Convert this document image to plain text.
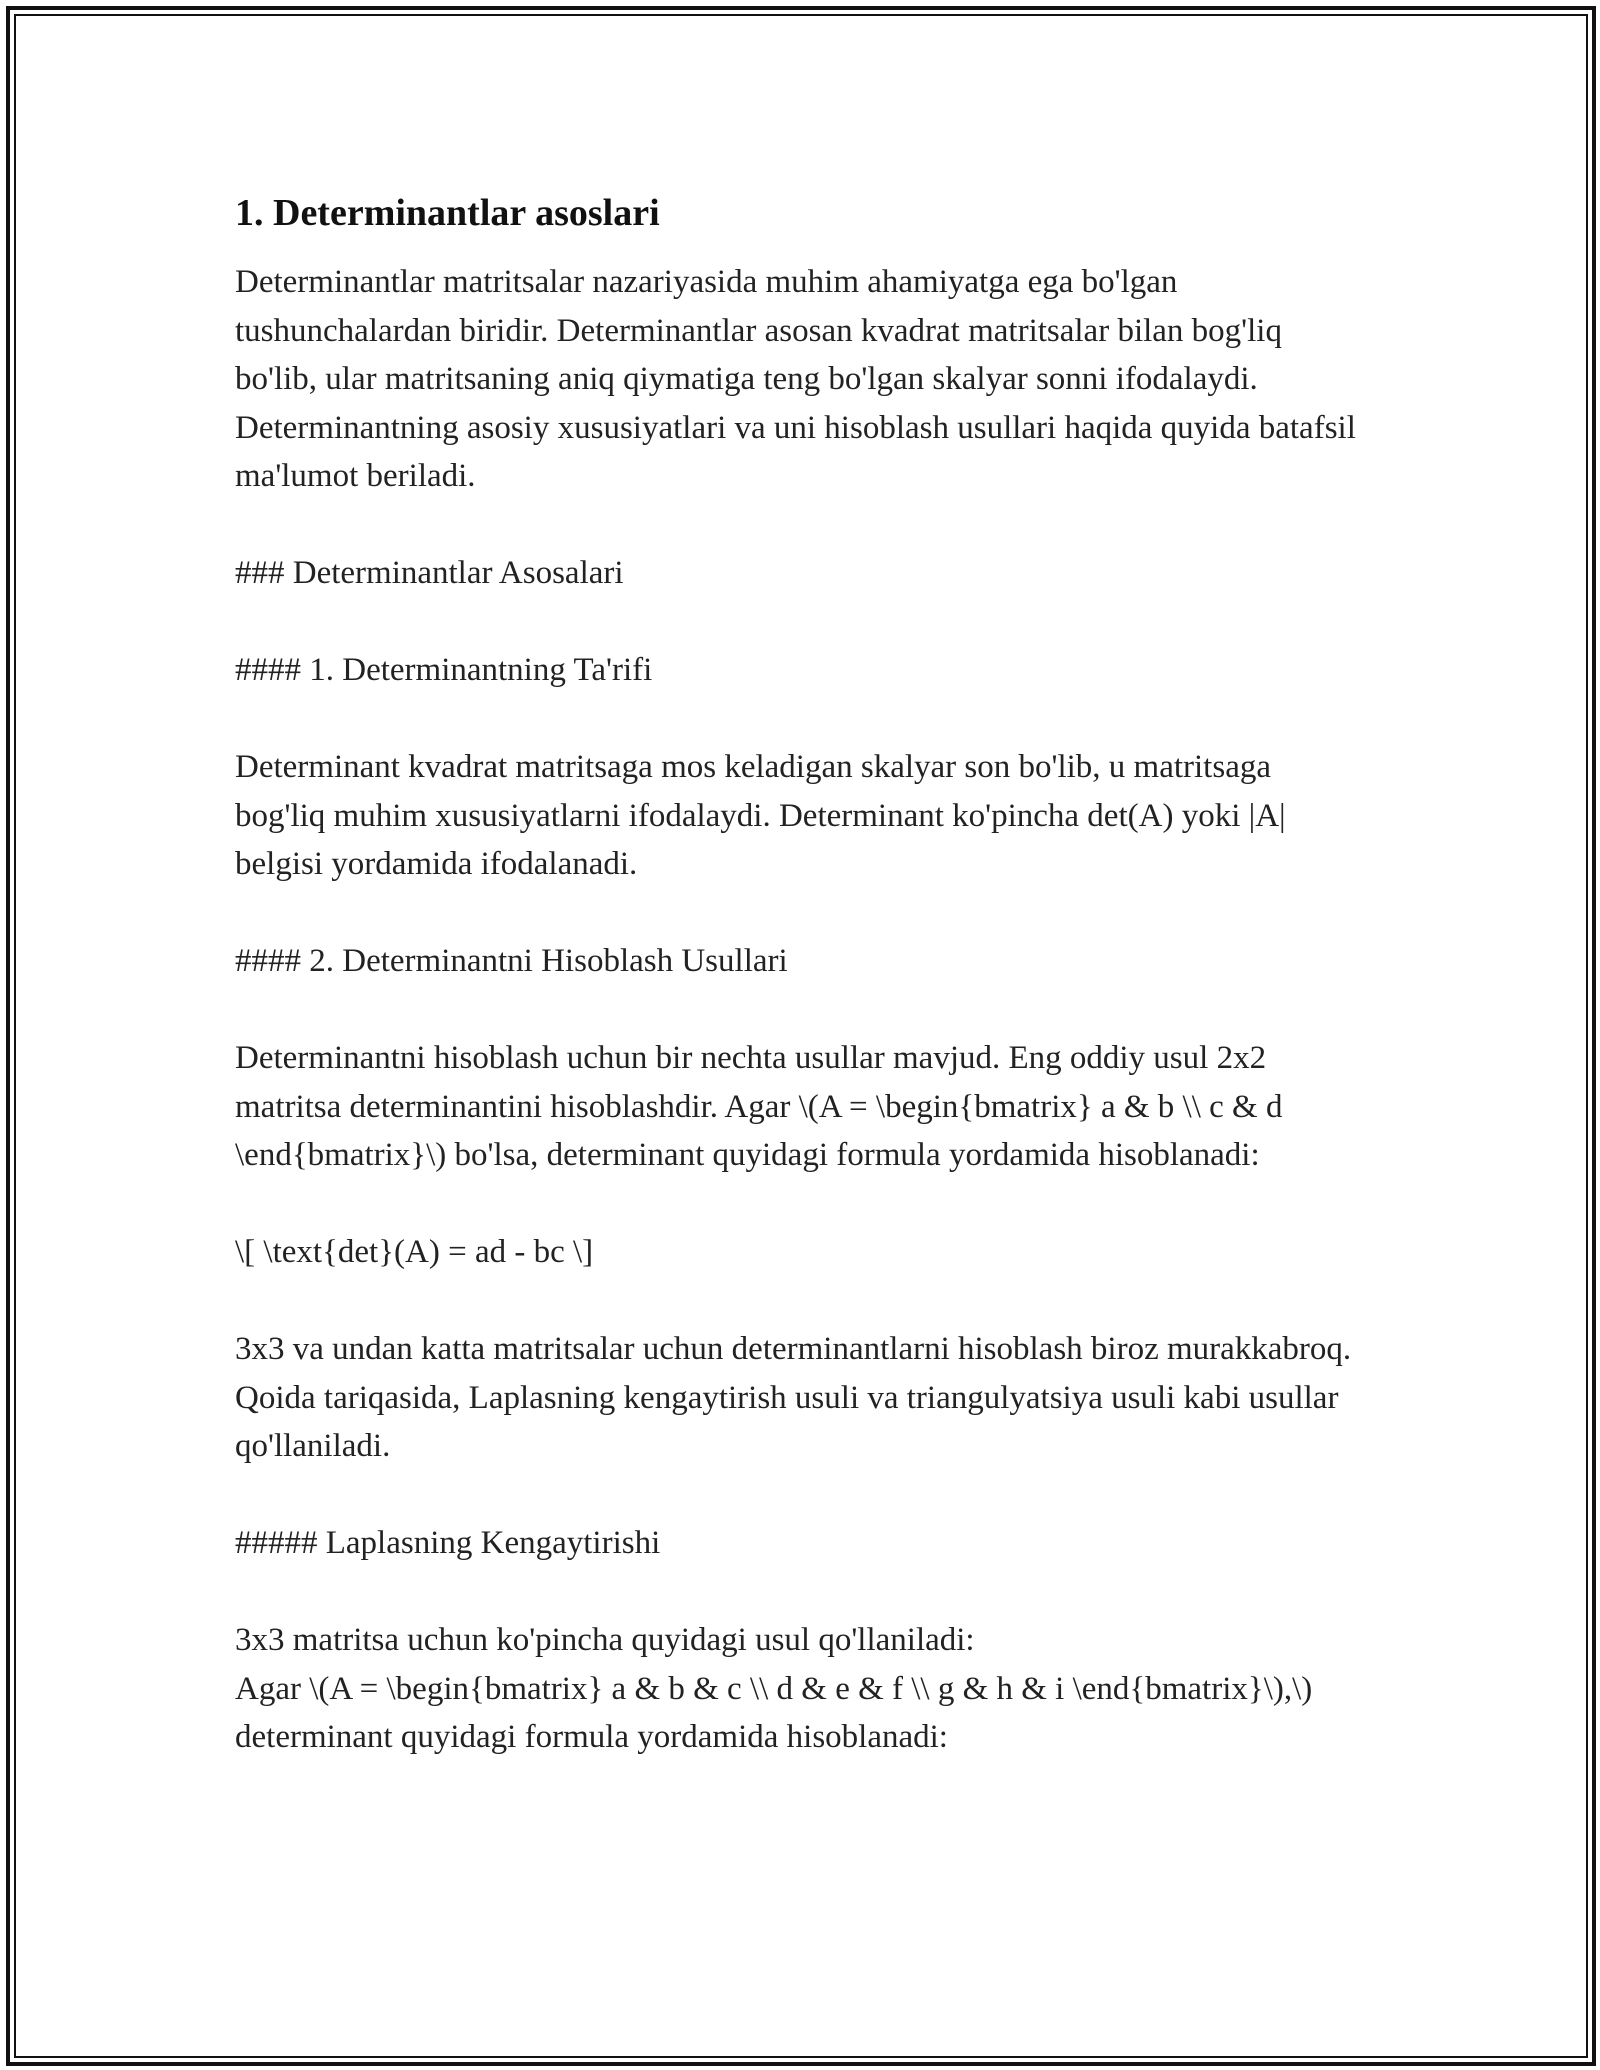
1. Determinantlar asoslari

Determinantlar matritsalar nazariyasida muhim ahamiyatga ega bo'lgan tushunchalardan biridir. Determinantlar asosan kvadrat matritsalar bilan bog'liq bo'lib, ular matritsaning aniq qiymatiga teng bo'lgan skalyar sonni ifodalaydi. Determinantning asosiy xususiyatlari va uni hisoblash usullari haqida quyida batafsil ma'lumot beriladi.

### Determinantlar Asosalari

#### 1. Determinantning Ta'rifi

Determinant kvadrat matritsaga mos keladigan skalyar son bo'lib, u matritsaga bog'liq muhim xususiyatlarni ifodalaydi. Determinant ko'pincha det(A) yoki |A| belgisi yordamida ifodalanadi.

#### 2. Determinantni Hisoblash Usullari

Determinantni hisoblash uchun bir nechta usullar mavjud. Eng oddiy usul 2x2 matritsa determinantini hisoblashdir. Agar \(A = \begin{bmatrix} a & b \\ c & d \end{bmatrix}\) bo'lsa, determinant quyidagi formula yordamida hisoblanadi:

\[ \text{det}(A) = ad - bc \]

3x3 va undan katta matritsalar uchun determinantlarni hisoblash biroz murakkabroq. Qoida tariqasida, Laplasning kengaytirish usuli va triangulyatsiya usuli kabi usullar qo'llaniladi.

##### Laplasning Kengaytirishi

3x3 matritsa uchun ko'pincha quyidagi usul qo'llaniladi:
Agar \(A = \begin{bmatrix} a & b & c \\ d & e & f \\ g & h & i \end{bmatrix}\),\)
determinant quyidagi formula yordamida hisoblanadi:
